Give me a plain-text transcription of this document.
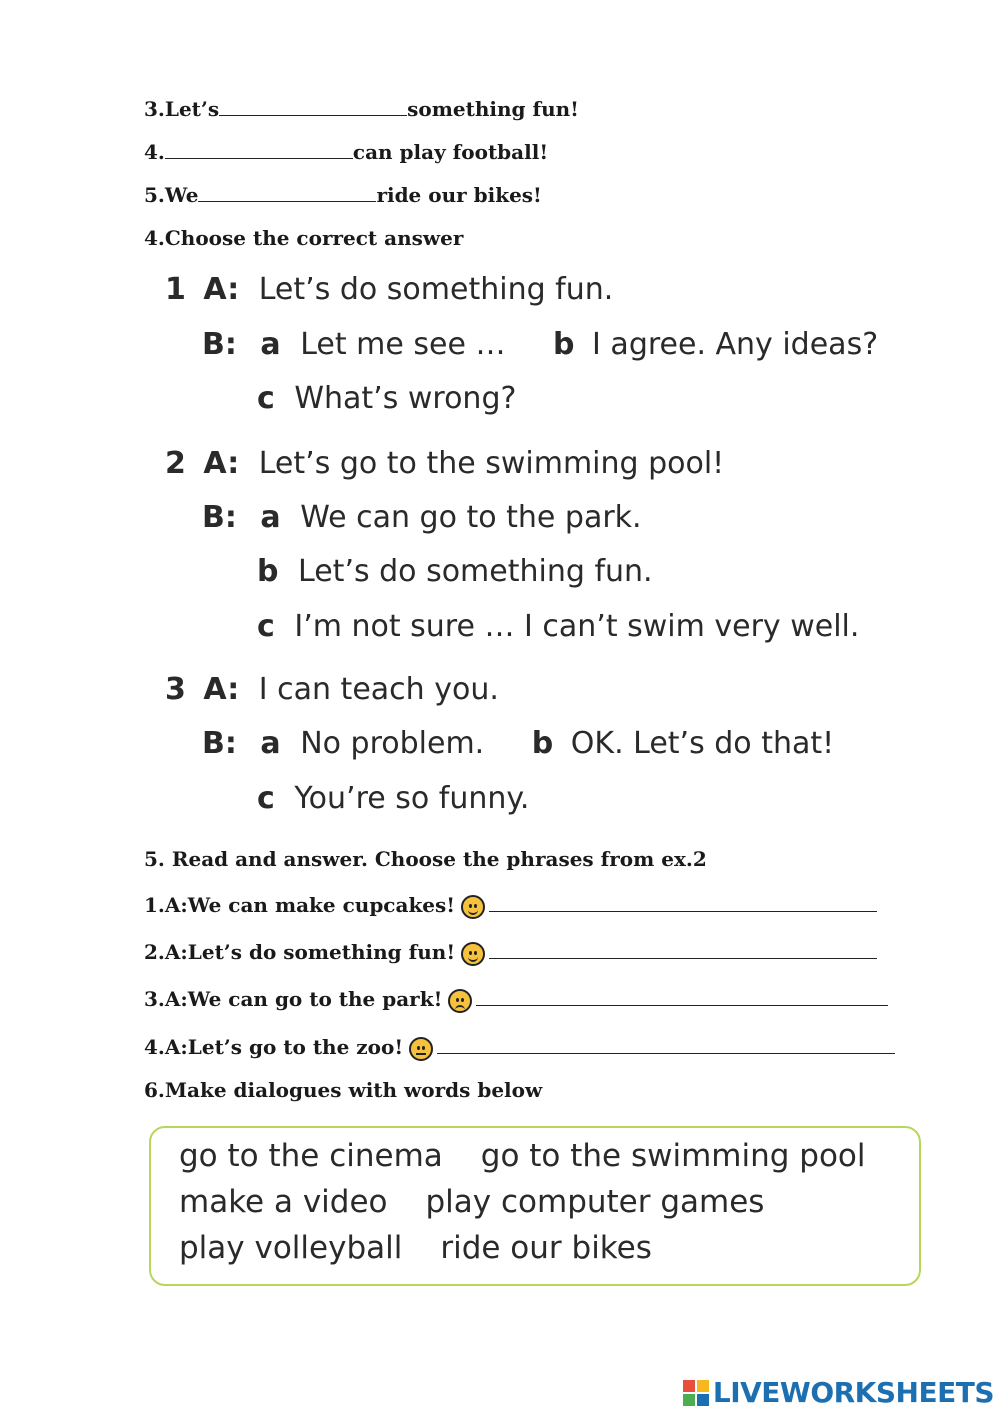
3.Let’s	something fun!
4.	can play football!
5.We	ride our bikes!
4.Choose the correct answer
1 A: Let’s do something fun.
B: a Let me see … b I agree. Any ideas?
c What’s wrong?
2 A: Let’s go to the swimming pool!
B: a We can go to the park.
b Let’s do something fun.
c I’m not sure … I can’t swim very well.
3 A: I can teach you.
B: a No problem. b OK. Let’s do that!
c You’re so funny.
5. Read and answer. Choose the phrases from ex.2
1.A:We can make cupcakes!
2.A:Let’s do something fun!
3.A:We can go to the park!
4.A:Let’s go to the zoo!
6.Make dialogues with words below
go to the cinema go to the swimming pool
make a video play computer games
play volleyball ride our bikes
LIVEWORKSHEETS
